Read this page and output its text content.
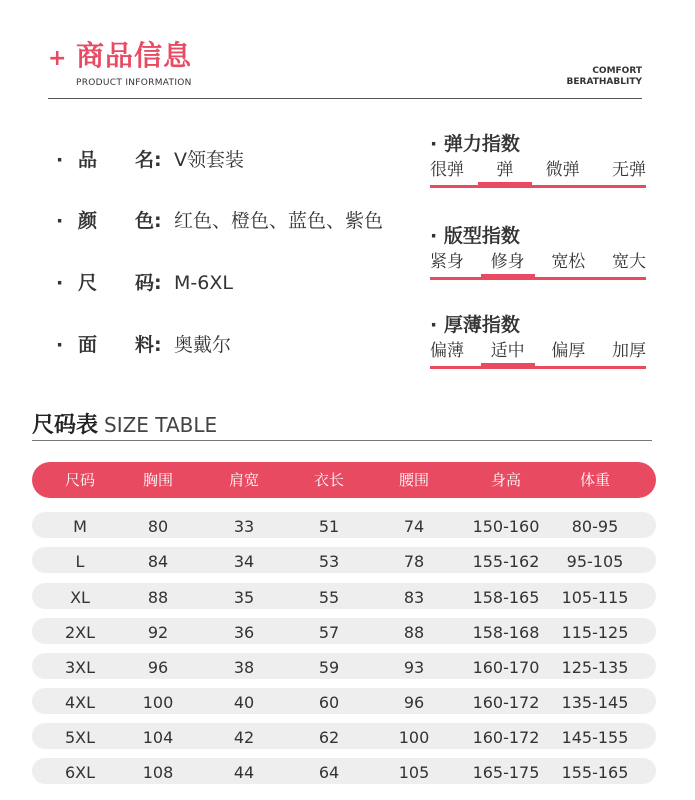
+ 商品信息
PRODUCT INFORMATION
COMFORT
BERATHABLITY
· 品　　名: V领套装
· 颜　　色: 红色、橙色、蓝色、紫色
· 尺　　码: M-6XL
· 面　　料: 奥戴尔
· 弹力指数
很弹 弹 微弹 无弹
· 版型指数
紧身 修身 宽松 宽大
· 厚薄指数
偏薄 适中 偏厚 加厚
尺码表 SIZE TABLE
尺码	胸围	肩宽	衣长	腰围	身高	体重
M	80	33	51	74	150-160	80-95
L	84	34	53	78	155-162	95-105
XL	88	35	55	83	158-165	105-115
2XL	92	36	57	88	158-168	115-125
3XL	96	38	59	93	160-170	125-135
4XL	100	40	60	96	160-172	135-145
5XL	104	42	62	100	160-172	145-155
6XL	108	44	64	105	165-175	155-165
